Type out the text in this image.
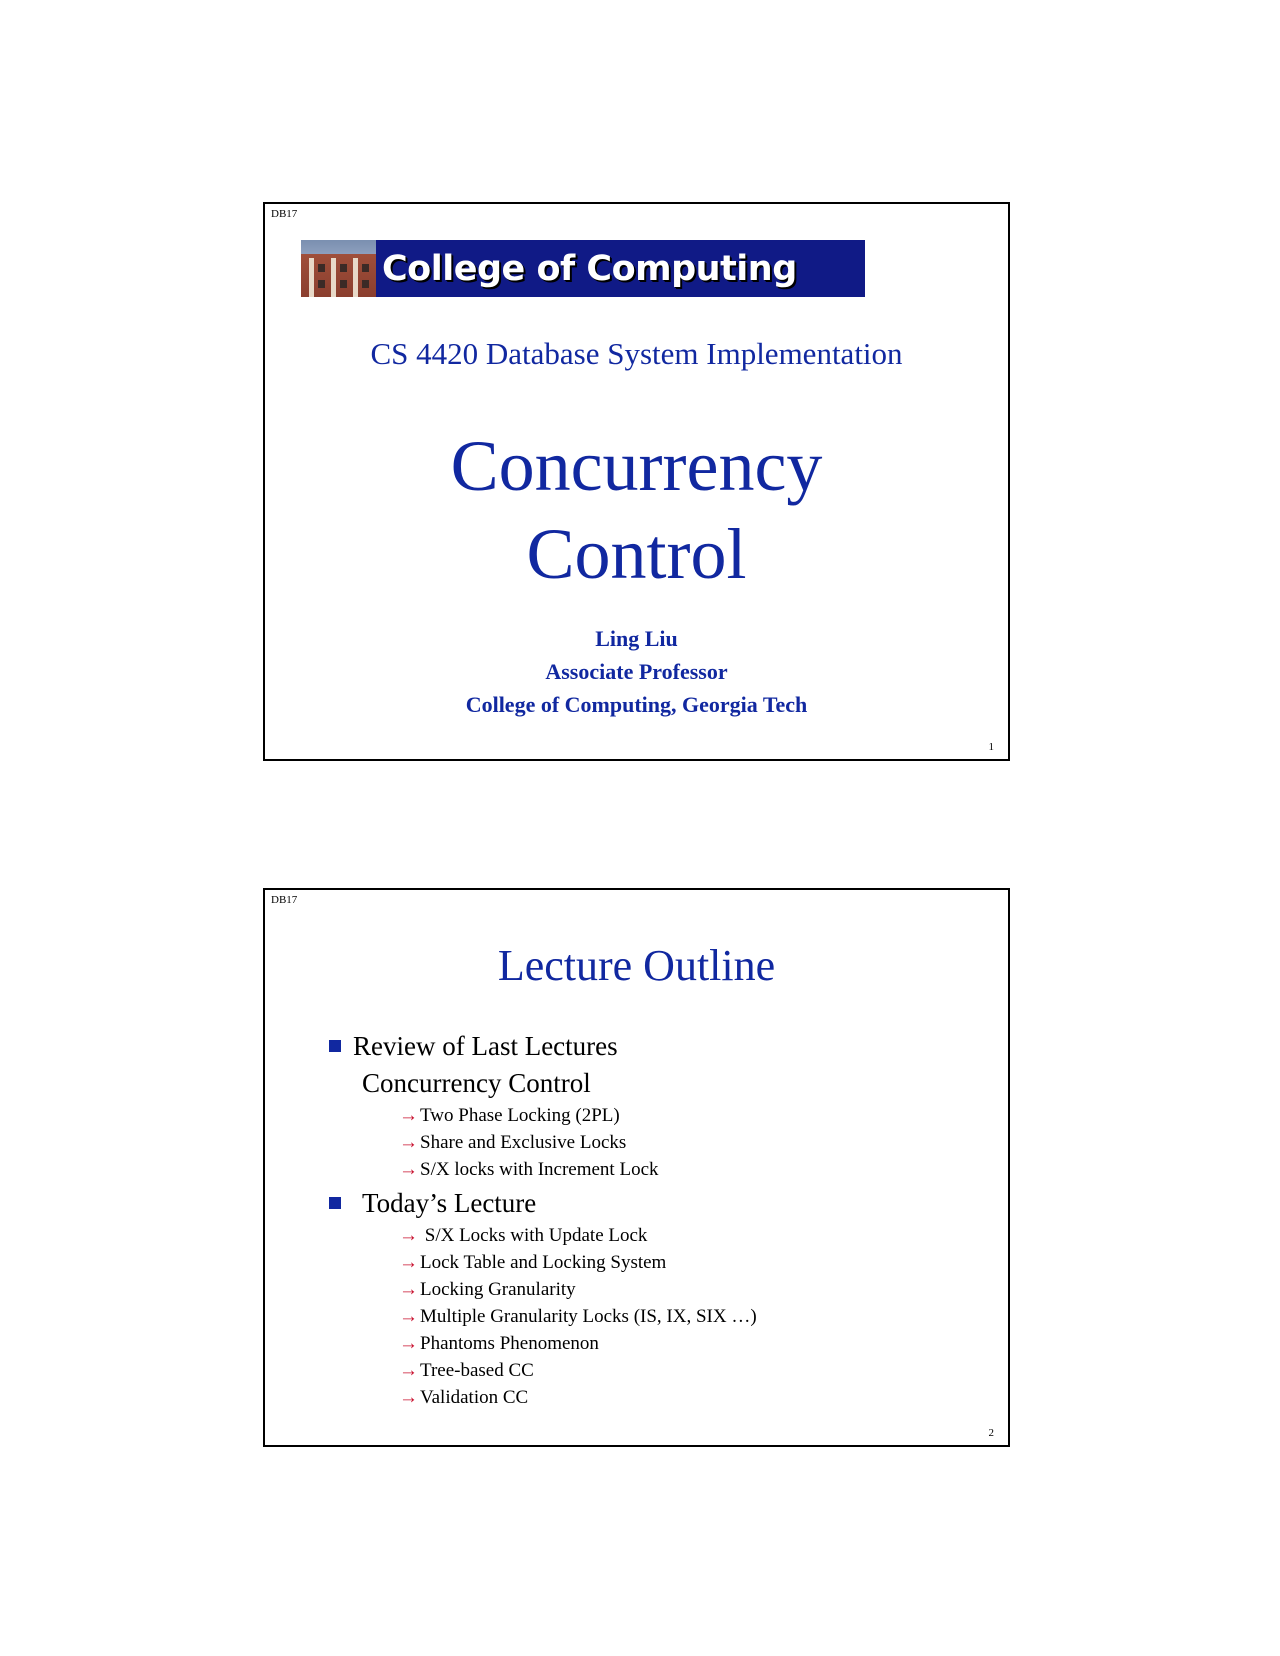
DB17
College of Computing
CS 4420 Database System Implementation
Concurrency
Control
Ling Liu
Associate Professor
College of Computing, Georgia Tech
1
DB17
Lecture Outline
Review of Last Lectures
Concurrency Control
→ Two Phase Locking (2PL)
→ Share and Exclusive Locks
→ S/X locks with Increment Lock
Today’s Lecture
→ S/X Locks with Update Lock
→ Lock Table and Locking System
→ Locking Granularity
→ Multiple Granularity Locks (IS, IX, SIX …)
→ Phantoms Phenomenon
→ Tree-based CC
→ Validation CC
2
